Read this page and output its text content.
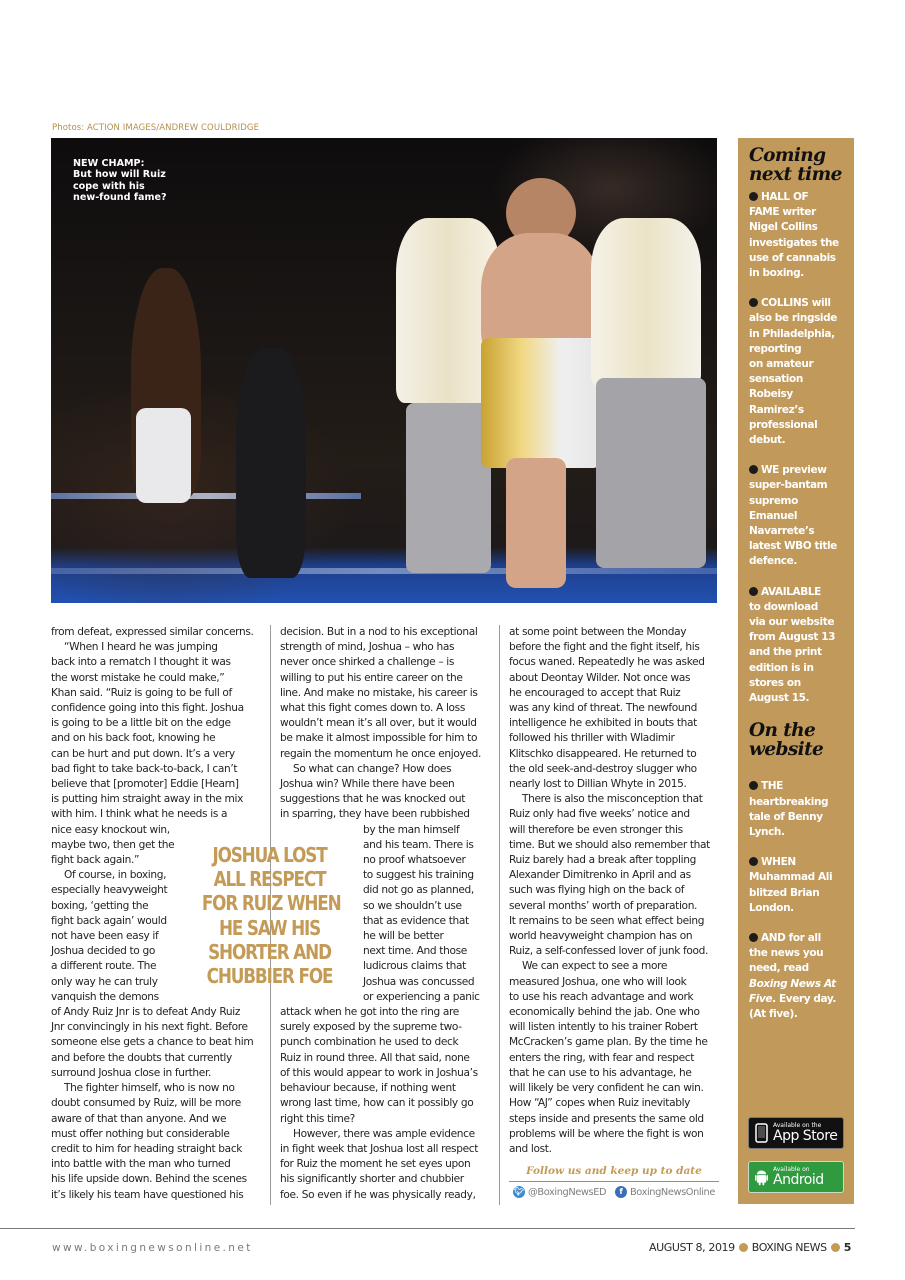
Photos: ACTION IMAGES/ANDREW COULDRIDGE
NEW CHAMP:
But how will Ruiz
cope with his
new-found fame?

from defeat, expressed similar concerns.

“When I heard he was jumping

back into a rematch I thought it was

the worst mistake he could make,”

Khan said. “Ruiz is going to be full of

confidence going into this fight. Joshua

is going to be a little bit on the edge

and on his back foot, knowing he

can be hurt and put down. It’s a very

bad fight to take back-to-back, I can’t

believe that [promoter] Eddie [Hearn]

is putting him straight away in the mix

with him. I think what he needs is a

nice easy knockout win,

maybe two, then get the

fight back again.”

Of course, in boxing,

especially heavyweight

boxing, ‘getting the

fight back again’ would

not have been easy if

Joshua decided to go

a different route. The

only way he can truly

vanquish the demons

of Andy Ruiz Jnr is to defeat Andy Ruiz

Jnr convincingly in his next fight. Before

someone else gets a chance to beat him

and before the doubts that currently

surround Joshua close in further.

The fighter himself, who is now no

doubt consumed by Ruiz, will be more

aware of that than anyone. And we

must offer nothing but considerable

credit to him for heading straight back

into battle with the man who turned

his life upside down. Behind the scenes

it’s likely his team have questioned his

decision. But in a nod to his exceptional

strength of mind, Joshua – who has

never once shirked a challenge – is

willing to put his entire career on the

line. And make no mistake, his career is

what this fight comes down to. A loss

wouldn’t mean it’s all over, but it would

be make it almost impossible for him to

regain the momentum he once enjoyed.

So what can change? How does

Joshua win? While there have been

suggestions that he was knocked out

in sparring, they have been rubbished

by the man himself

and his team. There is

no proof whatsoever

to suggest his training

did not go as planned,

so we shouldn’t use

that as evidence that

he will be better

next time. And those

ludicrous claims that

Joshua was concussed

or experiencing a panic

attack when he got into the ring are

surely exposed by the supreme two-

punch combination he used to deck

Ruiz in round three. All that said, none

of this would appear to work in Joshua’s

behaviour because, if nothing went

wrong last time, how can it possibly go

right this time?

However, there was ample evidence

in fight week that Joshua lost all respect

for Ruiz the moment he set eyes upon

his significantly shorter and chubbier

foe. So even if he was physically ready,

at some point between the Monday

before the fight and the fight itself, his

focus waned. Repeatedly he was asked

about Deontay Wilder. Not once was

he encouraged to accept that Ruiz

was any kind of threat. The newfound

intelligence he exhibited in bouts that

followed his thriller with Wladimir

Klitschko disappeared. He returned to

the old seek-and-destroy slugger who

nearly lost to Dillian Whyte in 2015.

There is also the misconception that

Ruiz only had five weeks’ notice and

will therefore be even stronger this

time. But we should also remember that

Ruiz barely had a break after toppling

Alexander Dimitrenko in April and as

such was flying high on the back of

several months’ worth of preparation.

It remains to be seen what effect being

world heavyweight champion has on

Ruiz, a self-confessed lover of junk food.

We can expect to see a more

measured Joshua, one who will look

to use his reach advantage and work

economically behind the jab. One who

will listen intently to his trainer Robert

McCracken’s game plan. By the time he

enters the ring, with fear and respect

that he can use to his advantage, he

will likely be very confident he can win.

How “AJ” copes when Ruiz inevitably

steps inside and presents the same old

problems will be where the fight is won

and lost.

JOSHUA LOST
ALL RESPECT
FOR RUIZ WHEN
HE SAW HIS
SHORTER AND
CHUBBIER FOE
Follow us and keep up to date
🐦︎ @BoxingNewsED	f BoxingNewsOnline
Coming next time

HALL OF

FAME writer

Nigel Collins

investigates the

use of cannabis

in boxing.

COLLINS will

also be ringside

in Philadelphia,

reporting

on amateur

sensation

Robeisy

Ramirez’s

professional

debut.

WE preview

super-bantam

supremo

Emanuel

Navarrete’s

latest WBO title

defence.

AVAILABLE

to download

via our website

from August 13

and the print

edition is in

stores on

August 15.

On the website

THE

heartbreaking

tale of Benny

Lynch.

WHEN

Muhammad Ali

blitzed Brian

London.

AND for all

the news you

need, read

Boxing News At

Five. Every day.

(At five).

Available on the
App Store
Available on
Android
www.boxingnewsonline.net	AUGUST 8, 2019 BOXING NEWS 5
